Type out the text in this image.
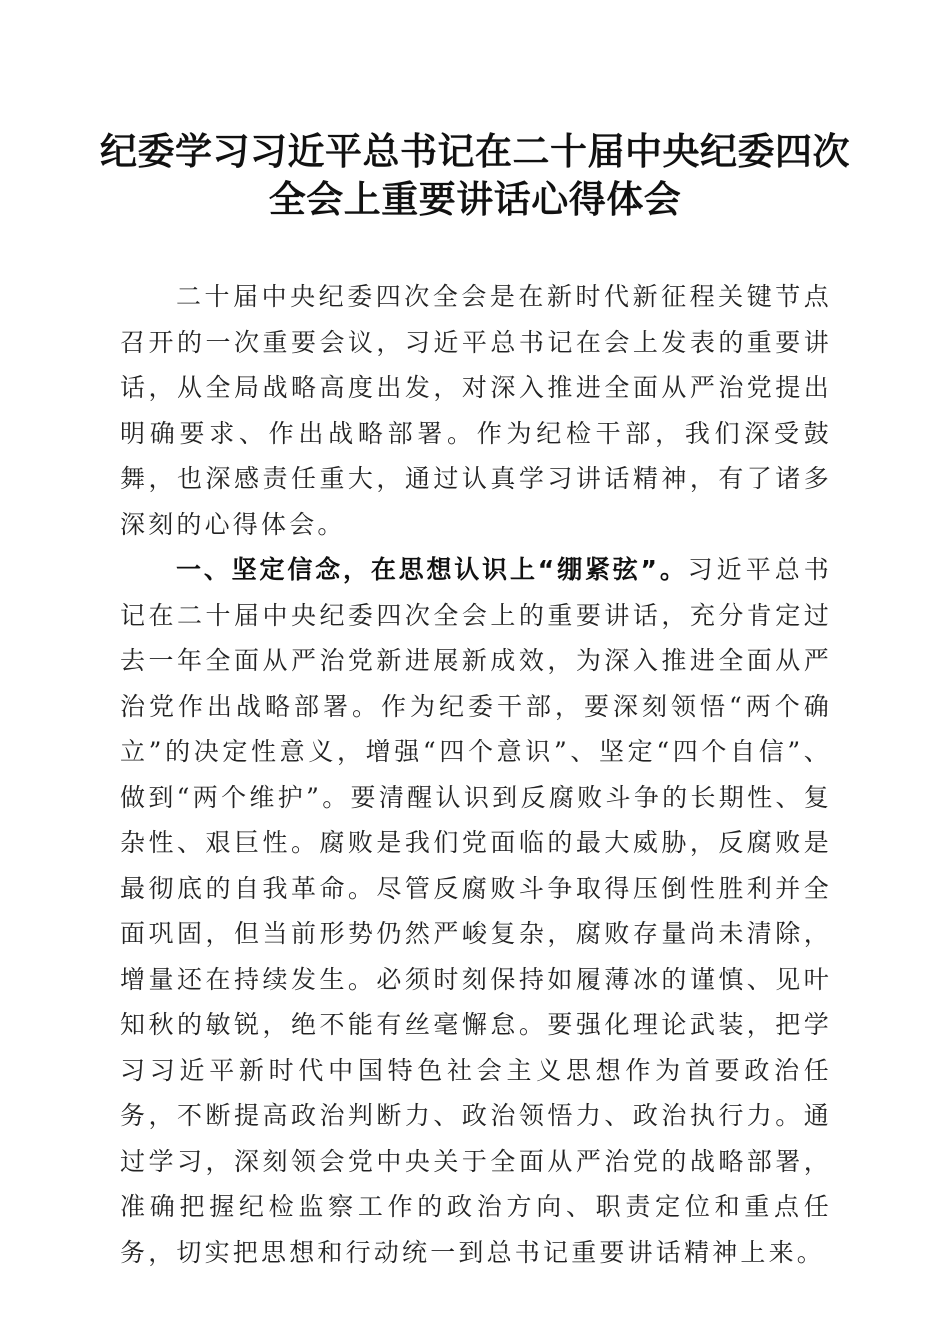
纪委学习习近平总书记在二十届中央纪委四次
全会上重要讲话心得体会

二十届中央纪委四次全会是在新时代新征程关键节点召开的一次重要会议，习近平总书记在会上发表的重要讲话，从全局战略高度出发，对深入推进全面从严治党提出明确要求、作出战略部署。作为纪检干部，我们深受鼓舞，也深感责任重大，通过认真学习讲话精神，有了诸多深刻的心得体会。

一、坚定信念，在思想认识上“绷紧弦”。习近平总书记在二十届中央纪委四次全会上的重要讲话，充分肯定过去一年全面从严治党新进展新成效，为深入推进全面从严治党作出战略部署。作为纪委干部，要深刻领悟“两个确立”的决定性意义，增强“四个意识”、坚定“四个自信”、做到“两个维护”。要清醒认识到反腐败斗争的长期性、复杂性、艰巨性。腐败是我们党面临的最大威胁，反腐败是最彻底的自我革命。尽管反腐败斗争取得压倒性胜利并全面巩固，但当前形势仍然严峻复杂，腐败存量尚未清除，增量还在持续发生。必须时刻保持如履薄冰的谨慎、见叶知秋的敏锐，绝不能有丝毫懈怠。要强化理论武装，把学习习近平新时代中国特色社会主义思想作为首要政治任务，不断提高政治判断力、政治领悟力、政治执行力。通过学习，深刻领会党中央关于全面从严治党的战略部署，准确把握纪检监察工作的政治方向、职责定位和重点任务，切实把思想和行动统一到总书记重要讲话精神上来。
